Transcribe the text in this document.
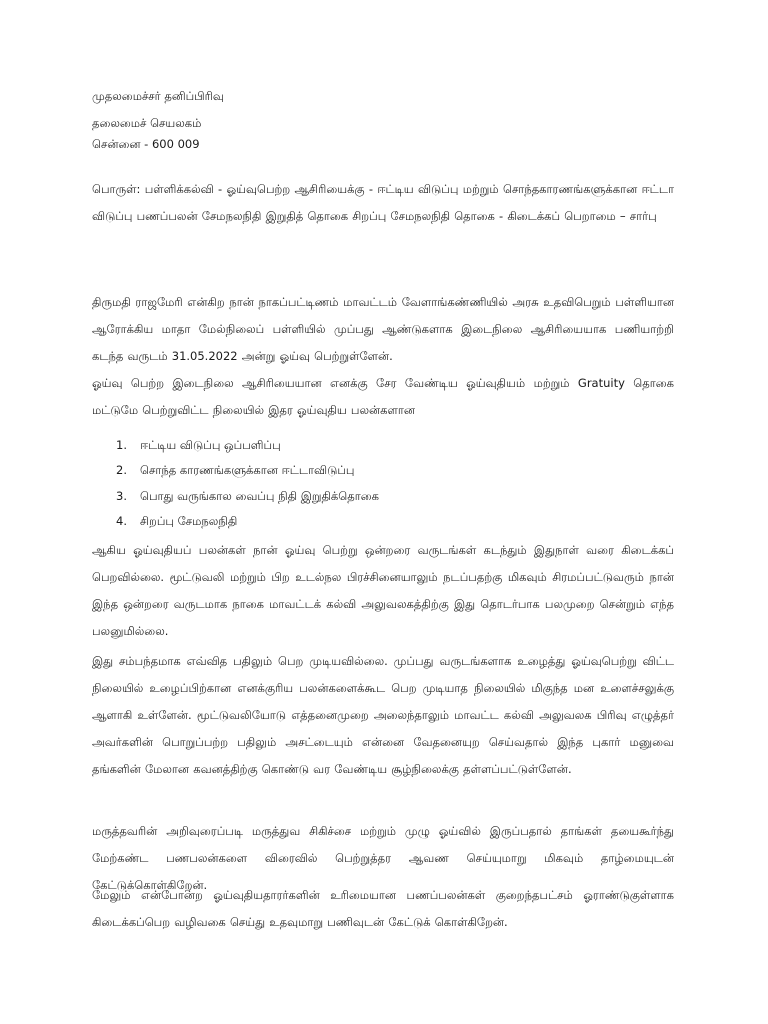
முதலமைச்சர் தனிப்பிரிவு
தலைமைச் செயலகம்
சென்னை - 600 009
பொருள்: பள்ளிக்கல்வி - ஓய்வுபெற்ற ஆசிரியைக்கு - ஈட்டிய விடுப்பு மற்றும் சொந்தகாரணங்களுக்கான ஈட்டா விடுப்பு பணப்பலன் சேமநலநிதி இறுதித் தொகை சிறப்பு சேமநலநிதி தொகை - கிடைக்கப் பெறாமை – சார்பு
திருமதி ராஜமேரி என்கிற நான் நாகப்பட்டிணம் மாவட்டம் வேளாங்கண்ணியில் அரசு உதவிபெறும் பள்ளியான ஆரோக்கிய மாதா மேல்நிலைப் பள்ளியில் முப்பது ஆண்டுகளாக இடைநிலை ஆசிரியையாக பணியாற்றி கடந்த வருடம் 31.05.2022 அன்று ஓய்வு பெற்றுள்ளேன்.
ஓய்வு பெற்ற இடைநிலை ஆசிரியையான எனக்கு சேர வேண்டிய ஓய்வுதியம் மற்றும் Gratuity தொகை மட்டுமே பெற்றுவிட்ட நிலையில் இதர ஓய்வுதிய பலன்களான
1. ஈட்டிய விடுப்பு ஒப்பளிப்பு
2. சொந்த காரணங்களுக்கான ஈட்டாவிடுப்பு
3. பொது வருங்கால வைப்பு நிதி இறுதிக்தொகை
4. சிறப்பு சேமநலநிதி
ஆகிய ஓய்வுதியப் பலன்கள் நான் ஓய்வு பெற்று ஒன்றரை வருடங்கள் கடந்தும் இதுநாள் வரை கிடைக்கப் பெறவில்லை. மூட்டுவலி மற்றும் பிற உடல்நல பிரச்சினையாலும் நடப்பதற்கு மிகவும் சிரமப்பட்டுவரும் நான் இந்த ஒன்றரை வருடமாக நாகை மாவட்டக் கல்வி அலுவலகத்திற்கு இது தொடர்பாக பலமுறை சென்றும் எந்த பலனுமில்லை.
இது சம்பந்தமாக எவ்வித பதிலும் பெற முடியவில்லை. முப்பது வருடங்களாக உழைத்து ஓய்வுபெற்று விட்ட நிலையில் உழைப்பிற்கான எனக்குரிய பலன்களைக்கூட பெற முடியாத நிலையில் மிகுந்த மன உளைச்சலுக்கு ஆளாகி உள்ளேன். மூட்டுவலியோடு எத்தனைமுறை அலைந்தாலும் மாவட்ட கல்வி அலுவலக பிரிவு எழுத்தர் அவர்களின் பொறுப்பற்ற பதிலும் அசட்டையும் என்னை வேதனையுற செய்வதால் இந்த புகார் மனுவை தங்களின் மேலான கவனத்திற்கு கொண்டு வர வேண்டிய சூழ்நிலைக்கு தள்ளப்பட்டுள்ளேன்.
மருத்தவரின் அறிவுரைப்படி மருத்துவ சிகிச்சை மற்றும் முழு ஓய்வில் இருப்பதால் தாங்கள் தயைகூர்ந்து மேற்கண்ட பணபலன்களை விரைவில் பெற்றுத்தர ஆவண செய்யுமாறு மிகவும் தாழ்மையுடன் கேட்டுக்கொள்கிறேன்.
மேலும் என்போன்ற ஓய்வுதியதாரர்களின் உரிமையான பணப்பலன்கள் குறைந்தபட்சம் ஓராண்டுகுள்ளாக கிடைக்கப்பெற வழிவகை செய்து உதவுமாறு பணிவுடன் கேட்டுக் கொள்கிறேன்.
